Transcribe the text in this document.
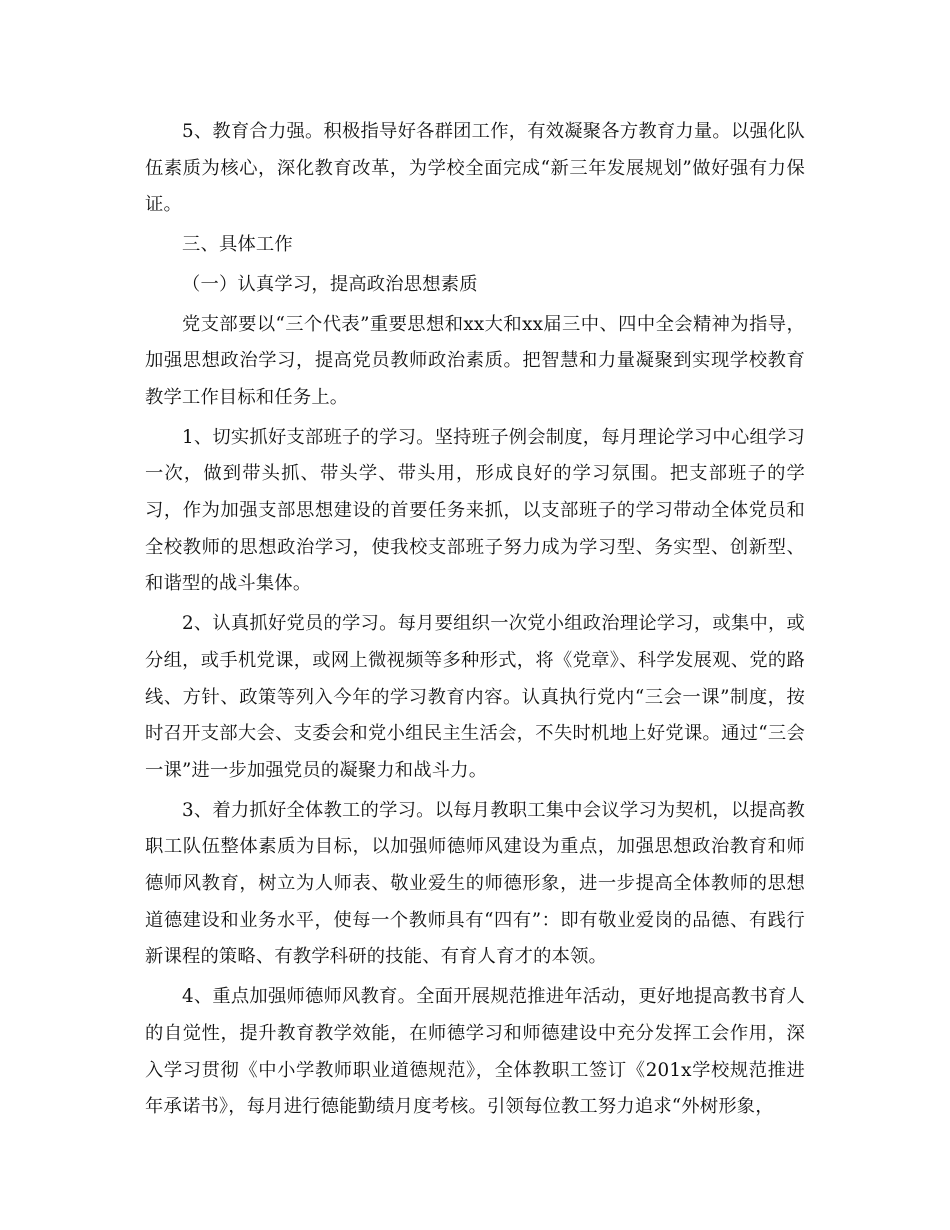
5、教育合力强。积极指导好各群团工作，有效凝聚各方教育力量。以强化队伍素质为核心，深化教育改革，为学校全面完成“新三年发展规划”做好强有力保证。

三、具体工作

（一）认真学习，提高政治思想素质

党支部要以“三个代表”重要思想和xx大和xx届三中、四中全会精神为指导，加强思想政治学习，提高党员教师政治素质。把智慧和力量凝聚到实现学校教育教学工作目标和任务上。

1、切实抓好支部班子的学习。坚持班子例会制度，每月理论学习中心组学习一次，做到带头抓、带头学、带头用，形成良好的学习氛围。把支部班子的学习，作为加强支部思想建设的首要任务来抓，以支部班子的学习带动全体党员和全校教师的思想政治学习，使我校支部班子努力成为学习型、务实型、创新型、和谐型的战斗集体。

2、认真抓好党员的学习。每月要组织一次党小组政治理论学习，或集中，或分组，或手机党课，或网上微视频等多种形式，将《党章》、科学发展观、党的路线、方针、政策等列入今年的学习教育内容。认真执行党内“三会一课”制度，按时召开支部大会、支委会和党小组民主生活会，不失时机地上好党课。通过“三会一课”进一步加强党员的凝聚力和战斗力。

3、着力抓好全体教工的学习。以每月教职工集中会议学习为契机，以提高教职工队伍整体素质为目标，以加强师德师风建设为重点，加强思想政治教育和师德师风教育，树立为人师表、敬业爱生的师德形象，进一步提高全体教师的思想道德建设和业务水平，使每一个教师具有“四有”：即有敬业爱岗的品德、有践行新课程的策略、有教学科研的技能、有育人育才的本领。

4、重点加强师德师风教育。全面开展规范推进年活动，更好地提高教书育人的自觉性，提升教育教学效能，在师德学习和师德建设中充分发挥工会作用，深入学习贯彻《中小学教师职业道德规范》，全体教职工签订《201x学校规范推进年承诺书》，每月进行德能勤绩月度考核。引领每位教工努力追求“外树形象，
